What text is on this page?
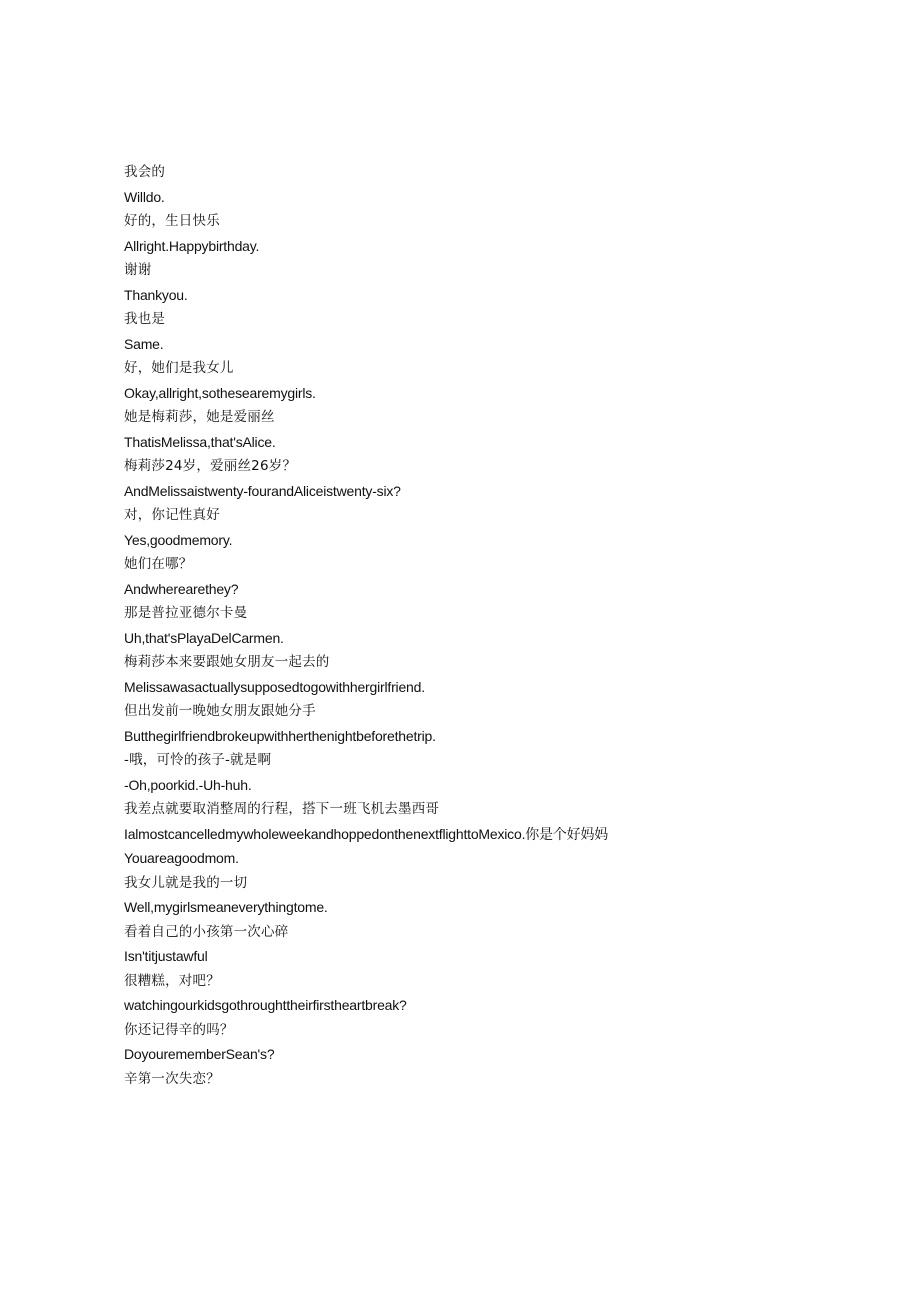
我会的

Willdo.

好的，生日快乐

Allright.Happybirthday.

谢谢

Thankyou.

我也是

Same.

好，她们是我女儿

Okay,allright,sothesearemygirls.

她是梅莉莎，她是爱丽丝

ThatisMelissa,that'sAlice.

梅莉莎24岁，爱丽丝26岁？

AndMelissaistwenty-fourandAliceistwenty-six?

对，你记性真好

Yes,goodmemory.

她们在哪？

Andwherearethey?

那是普拉亚德尔卡曼

Uh,that'sPlayaDelCarmen.

梅莉莎本来要跟她女朋友一起去的

Melissawasactuallysupposedtogowithhergirlfriend.

但出发前一晚她女朋友跟她分手

Butthegirlfriendbrokeupwithherthenightbeforethetrip.

-哦，可怜的孩子-就是啊

-Oh,poorkid.-Uh-huh.

我差点就要取消整周的行程，搭下一班飞机去墨西哥

IalmostcancelledmywholeweekandhoppedonthenextflighttoMexico.你是个好妈妈

Youareagoodmom.

我女儿就是我的一切

Well,mygirlsmeaneverythingtome.

看着自己的小孩第一次心碎

Isn'titjustawful

很糟糕，对吧？

watchingourkidsgothroughttheirfirstheartbreak?

你还记得辛的吗？

DoyourememberSean's?

辛第一次失恋？
